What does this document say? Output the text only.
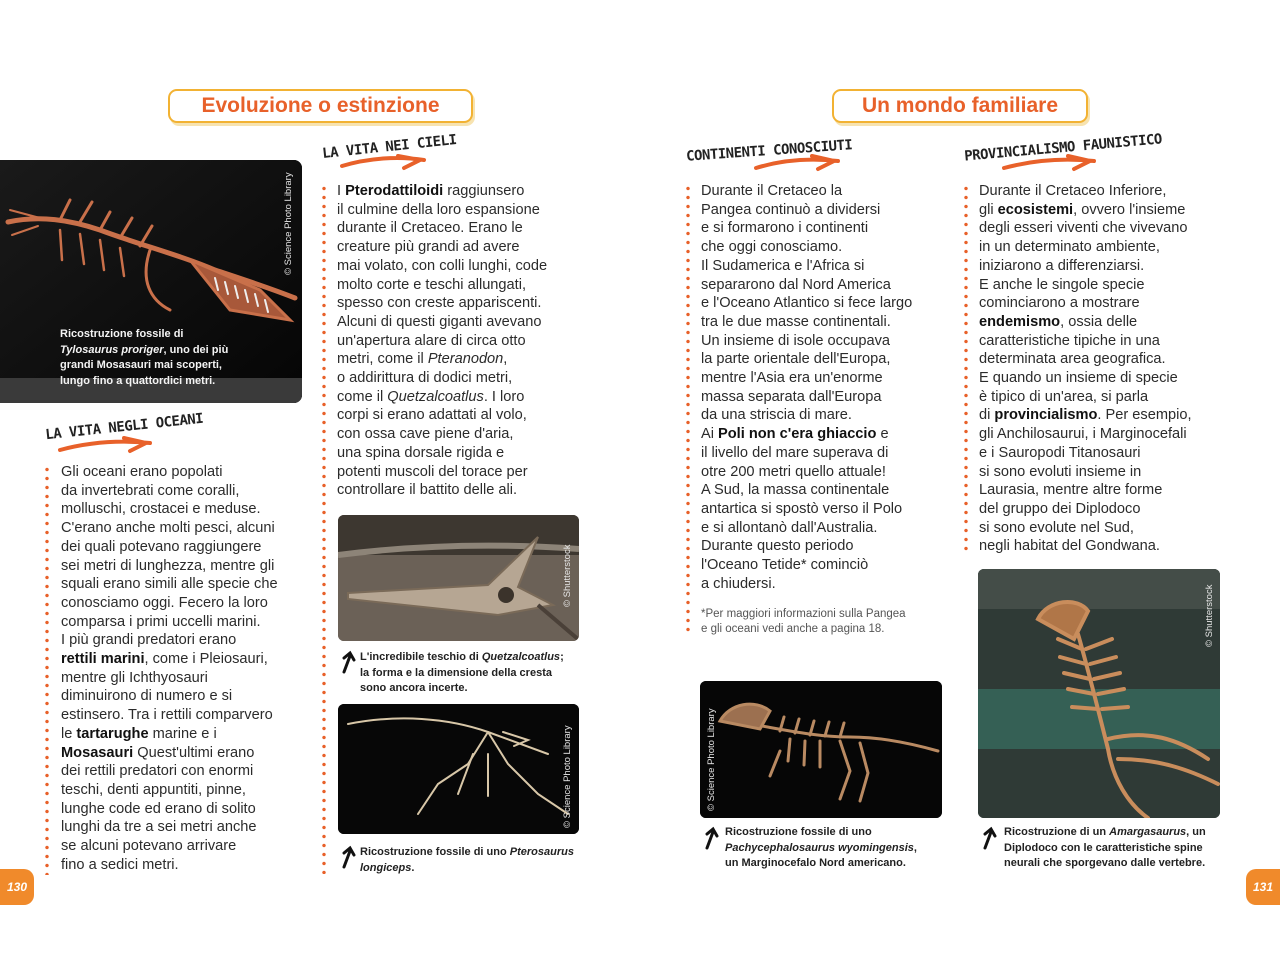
Evoluzione o estinzione	Un mondo familiare
© Science Photo Library
Ricostruzione fossile di
Tylosaurus proriger, uno dei più
grandi Mosasauri mai scoperti,
lungo fino a quattordici metri.
LA VITA NEI CIELI
I Pterodattiloidi raggiunsero
il culmine della loro espansione
durante il Cretaceo. Erano le
creature più grandi ad avere
mai volato, con colli lunghi, code
molto corte e teschi allungati,
spesso con creste appariscenti.
Alcuni di questi giganti avevano
un'apertura alare di circa otto
metri, come il Pteranodon,
o addirittura di dodici metri,
come il Quetzalcoatlus. I loro
corpi si erano adattati al volo,
con ossa cave piene d'aria,
una spina dorsale rigida e
potenti muscoli del torace per
controllare il battito delle ali.
© Shutterstock
L'incredibile teschio di Quetzalcoatlus;
la forma e la dimensione della cresta
sono ancora incerte.
© Science Photo Library
Ricostruzione fossile di uno Pterosaurus
longiceps.
LA VITA NEGLI OCEANI
Gli oceani erano popolati
da invertebrati come coralli,
molluschi, crostacei e meduse.
C'erano anche molti pesci, alcuni
dei quali potevano raggiungere
sei metri di lunghezza, mentre gli
squali erano simili alle specie che
conosciamo oggi. Fecero la loro
comparsa i primi uccelli marini.
I più grandi predatori erano
rettili marini, come i Pleiosauri,
mentre gli Ichthyosauri
diminuirono di numero e si
estinsero. Tra i rettili comparvero
le tartarughe marine e i
Mosasauri Quest'ultimi erano
dei rettili predatori con enormi
teschi, denti appuntiti, pinne,
lunghe code ed erano di solito
lunghi da tre a sei metri anche
se alcuni potevano arrivare
fino a sedici metri.
130
CONTINENTI CONOSCIUTI
Durante il Cretaceo la
Pangea continuò a dividersi
e si formarono i continenti
che oggi conosciamo.
Il Sudamerica e l'Africa si
separarono dal Nord America
e l'Oceano Atlantico si fece largo
tra le due masse continentali.
Un insieme di isole occupava
la parte orientale dell'Europa,
mentre l'Asia era un'enorme
massa separata dall'Europa
da una striscia di mare.
Ai Poli non c'era ghiaccio e
il livello del mare superava di
otre 200 metri quello attuale!
A Sud, la massa continentale
antartica si spostò verso il Polo
e si allontanò dall'Australia.
Durante questo periodo
l'Oceano Tetide* cominciò
a chiudersi.
*Per maggiori informazioni sulla Pangea
e gli oceani vedi anche a pagina 18.
© Science Photo Library
Ricostruzione fossile di uno
Pachycephalosaurus wyomingensis,
un Marginocefalo Nord americano.
PROVINCIALISMO FAUNISTICO
Durante il Cretaceo Inferiore,
gli ecosistemi, ovvero l'insieme
degli esseri viventi che vivevano
in un determinato ambiente,
iniziarono a differenziarsi.
E anche le singole specie
cominciarono a mostrare
endemismo, ossia delle
caratteristiche tipiche in una
determinata area geografica.
E quando un insieme di specie
è tipico di un'area, si parla
di provincialismo. Per esempio,
gli Anchilosaurui, i Marginocefali
e i Sauropodi Titanosauri
si sono evoluti insieme in
Laurasia, mentre altre forme
del gruppo dei Diplodoco
si sono evolute nel Sud,
negli habitat del Gondwana.
© Shutterstock
Ricostruzione di un Amargasaurus, un
Diplodoco con le caratteristiche spine
neurali che sporgevano dalle vertebre.
131
